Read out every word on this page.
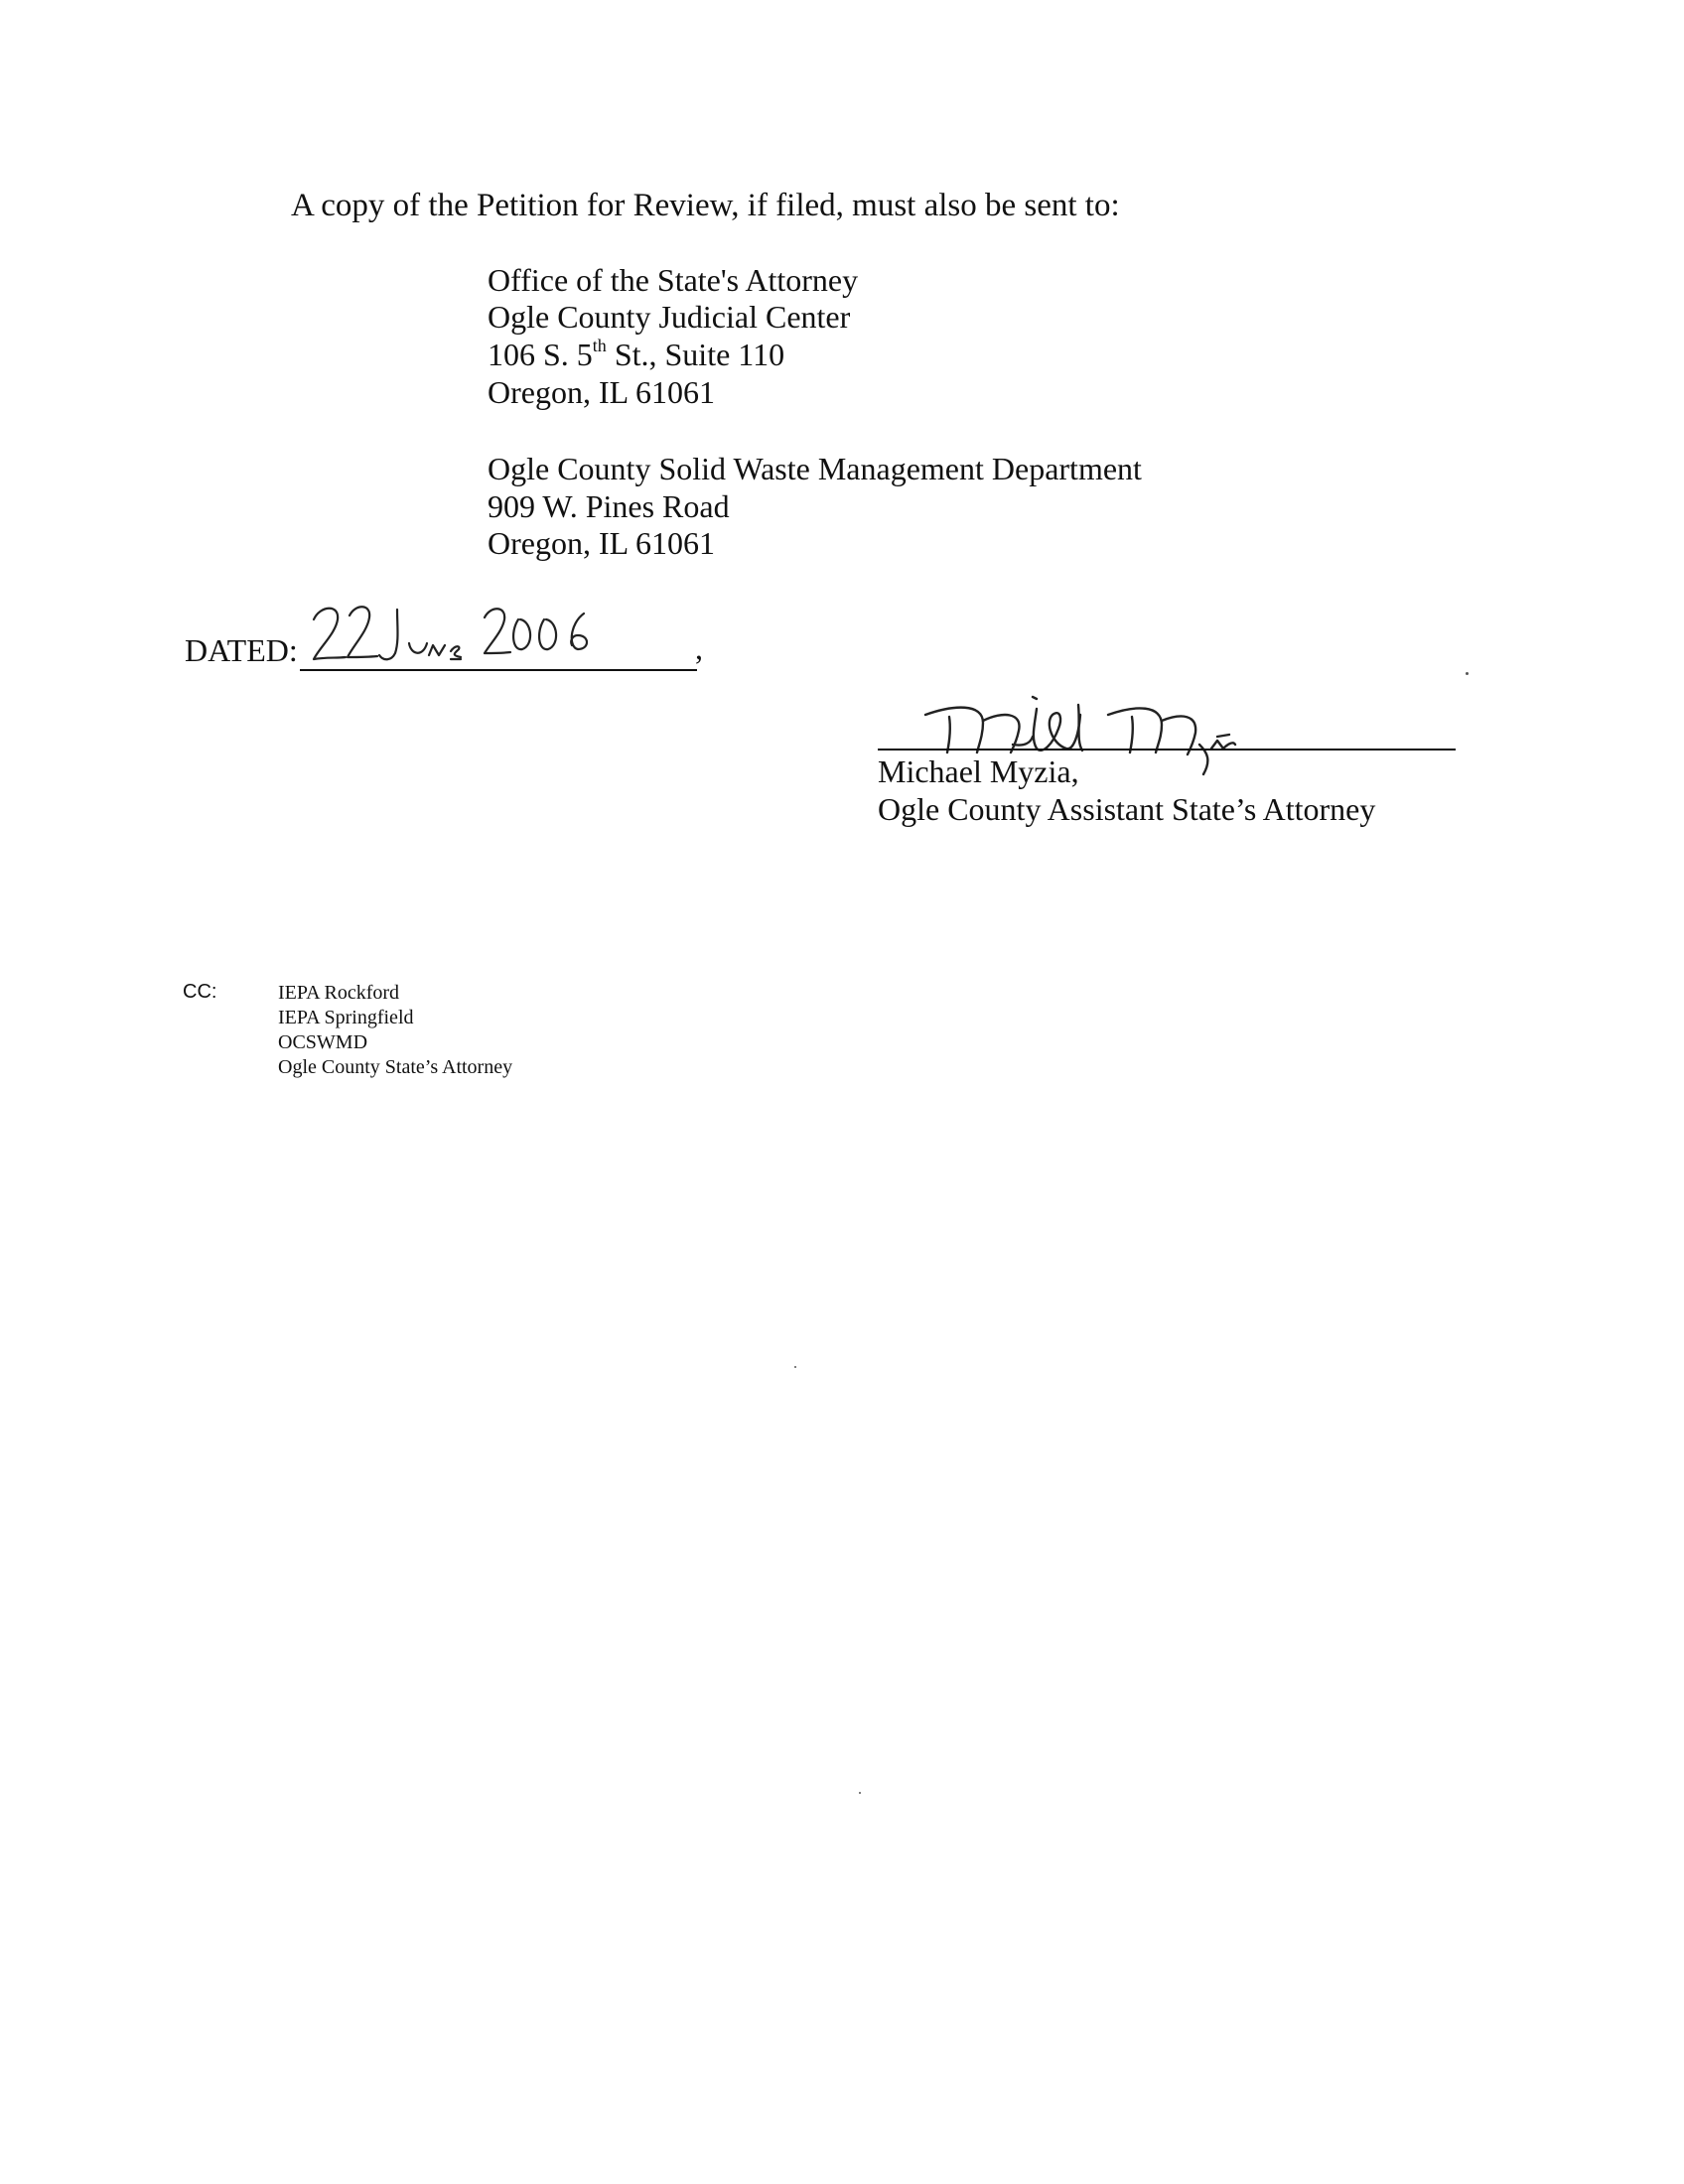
A copy of the Petition for Review, if filed, must also be sent to:
Office of the State's Attorney
Ogle County Judicial Center
106 S. 5th St., Suite 110
Oregon, IL 61061
Ogle County Solid Waste Management Department
909 W. Pines Road
Oregon, IL 61061
DATED:	,
Michael Myzia,
Ogle County Assistant State’s Attorney
CC:	IEPA Rockford
IEPA Springfield
OCSWMD
Ogle County State’s Attorney
